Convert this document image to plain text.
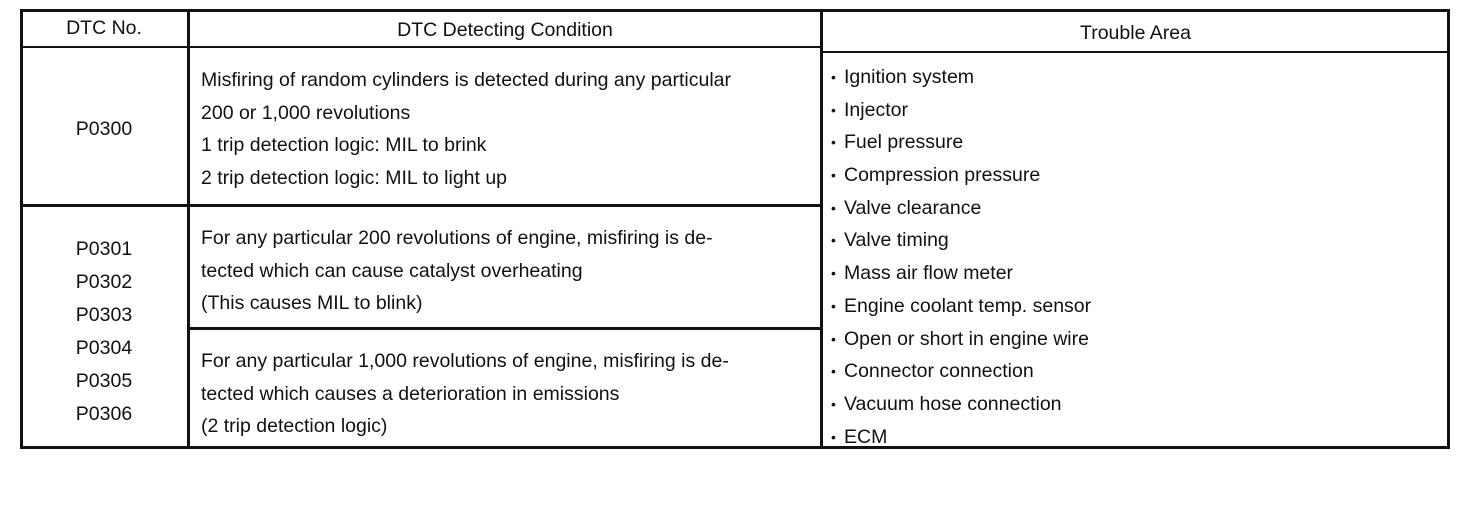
DTC No.	DTC Detecting Condition	Trouble Area
P0300
Misfiring of random cylinders is detected during any particular
200 or 1,000 revolutions
1 trip detection logic: MIL to brink
2 trip detection logic: MIL to light up
P0301
P0302
P0303
P0304
P0305
P0306
For any particular 200 revolutions of engine, misfiring is de-
tected which can cause catalyst overheating
(This causes MIL to blink)
For any particular 1,000 revolutions of engine, misfiring is de-
tected which causes a deterioration in emissions
(2 trip detection logic)
• Ignition system
• Injector
• Fuel pressure
• Compression pressure
• Valve clearance
• Valve timing
• Mass air flow meter
• Engine coolant temp. sensor
• Open or short in engine wire
• Connector connection
• Vacuum hose connection
• ECM
